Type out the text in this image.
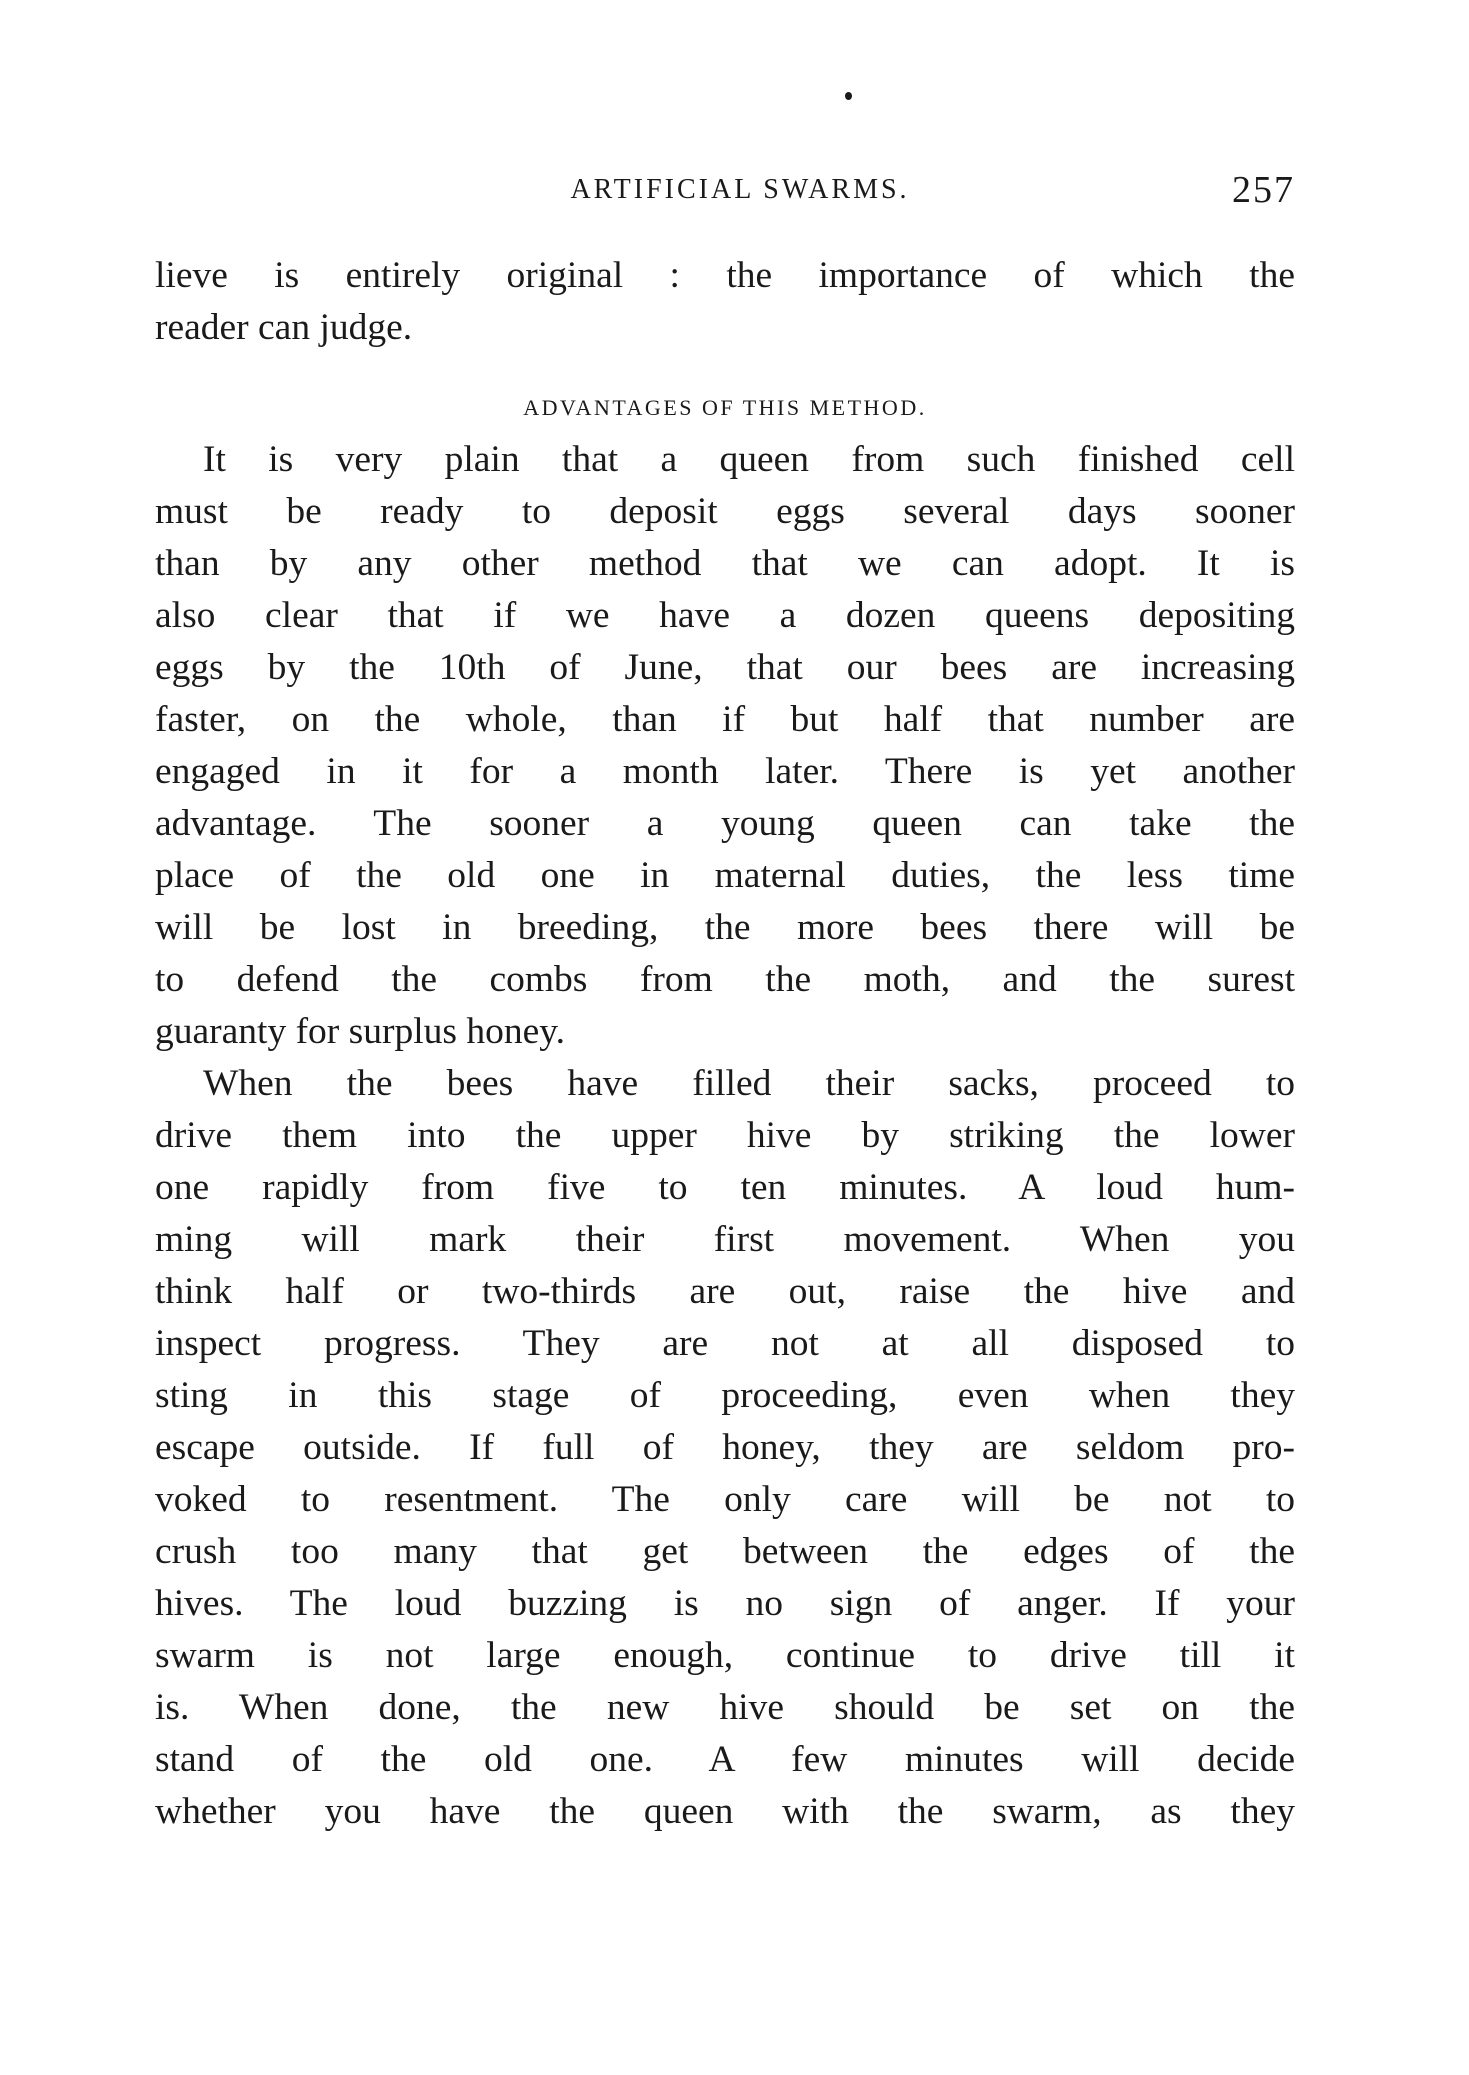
ARTIFICIAL SWARMS.	257
lieve is entirely original : the importance of which the
reader can judge.
ADVANTAGES OF THIS METHOD.
It is very plain that a queen from such finished cell
must be ready to deposit eggs several days sooner
than by any other method that we can adopt. It is
also clear that if we have a dozen queens depositing
eggs by the 10th of June, that our bees are increasing
faster, on the whole, than if but half that number are
engaged in it for a month later. There is yet another
advantage. The sooner a young queen can take the
place of the old one in maternal duties, the less time
will be lost in breeding, the more bees there will be
to defend the combs from the moth, and the surest
guaranty for surplus honey.
When the bees have filled their sacks, proceed to
drive them into the upper hive by striking the lower
one rapidly from five to ten minutes. A loud hum-
ming will mark their first movement. When you
think half or two-thirds are out, raise the hive and
inspect progress. They are not at all disposed to
sting in this stage of proceeding, even when they
escape outside. If full of honey, they are seldom pro-
voked to resentment. The only care will be not to
crush too many that get between the edges of the
hives. The loud buzzing is no sign of anger. If your
swarm is not large enough, continue to drive till it
is. When done, the new hive should be set on the
stand of the old one. A few minutes will decide
whether you have the queen with the swarm, as they
